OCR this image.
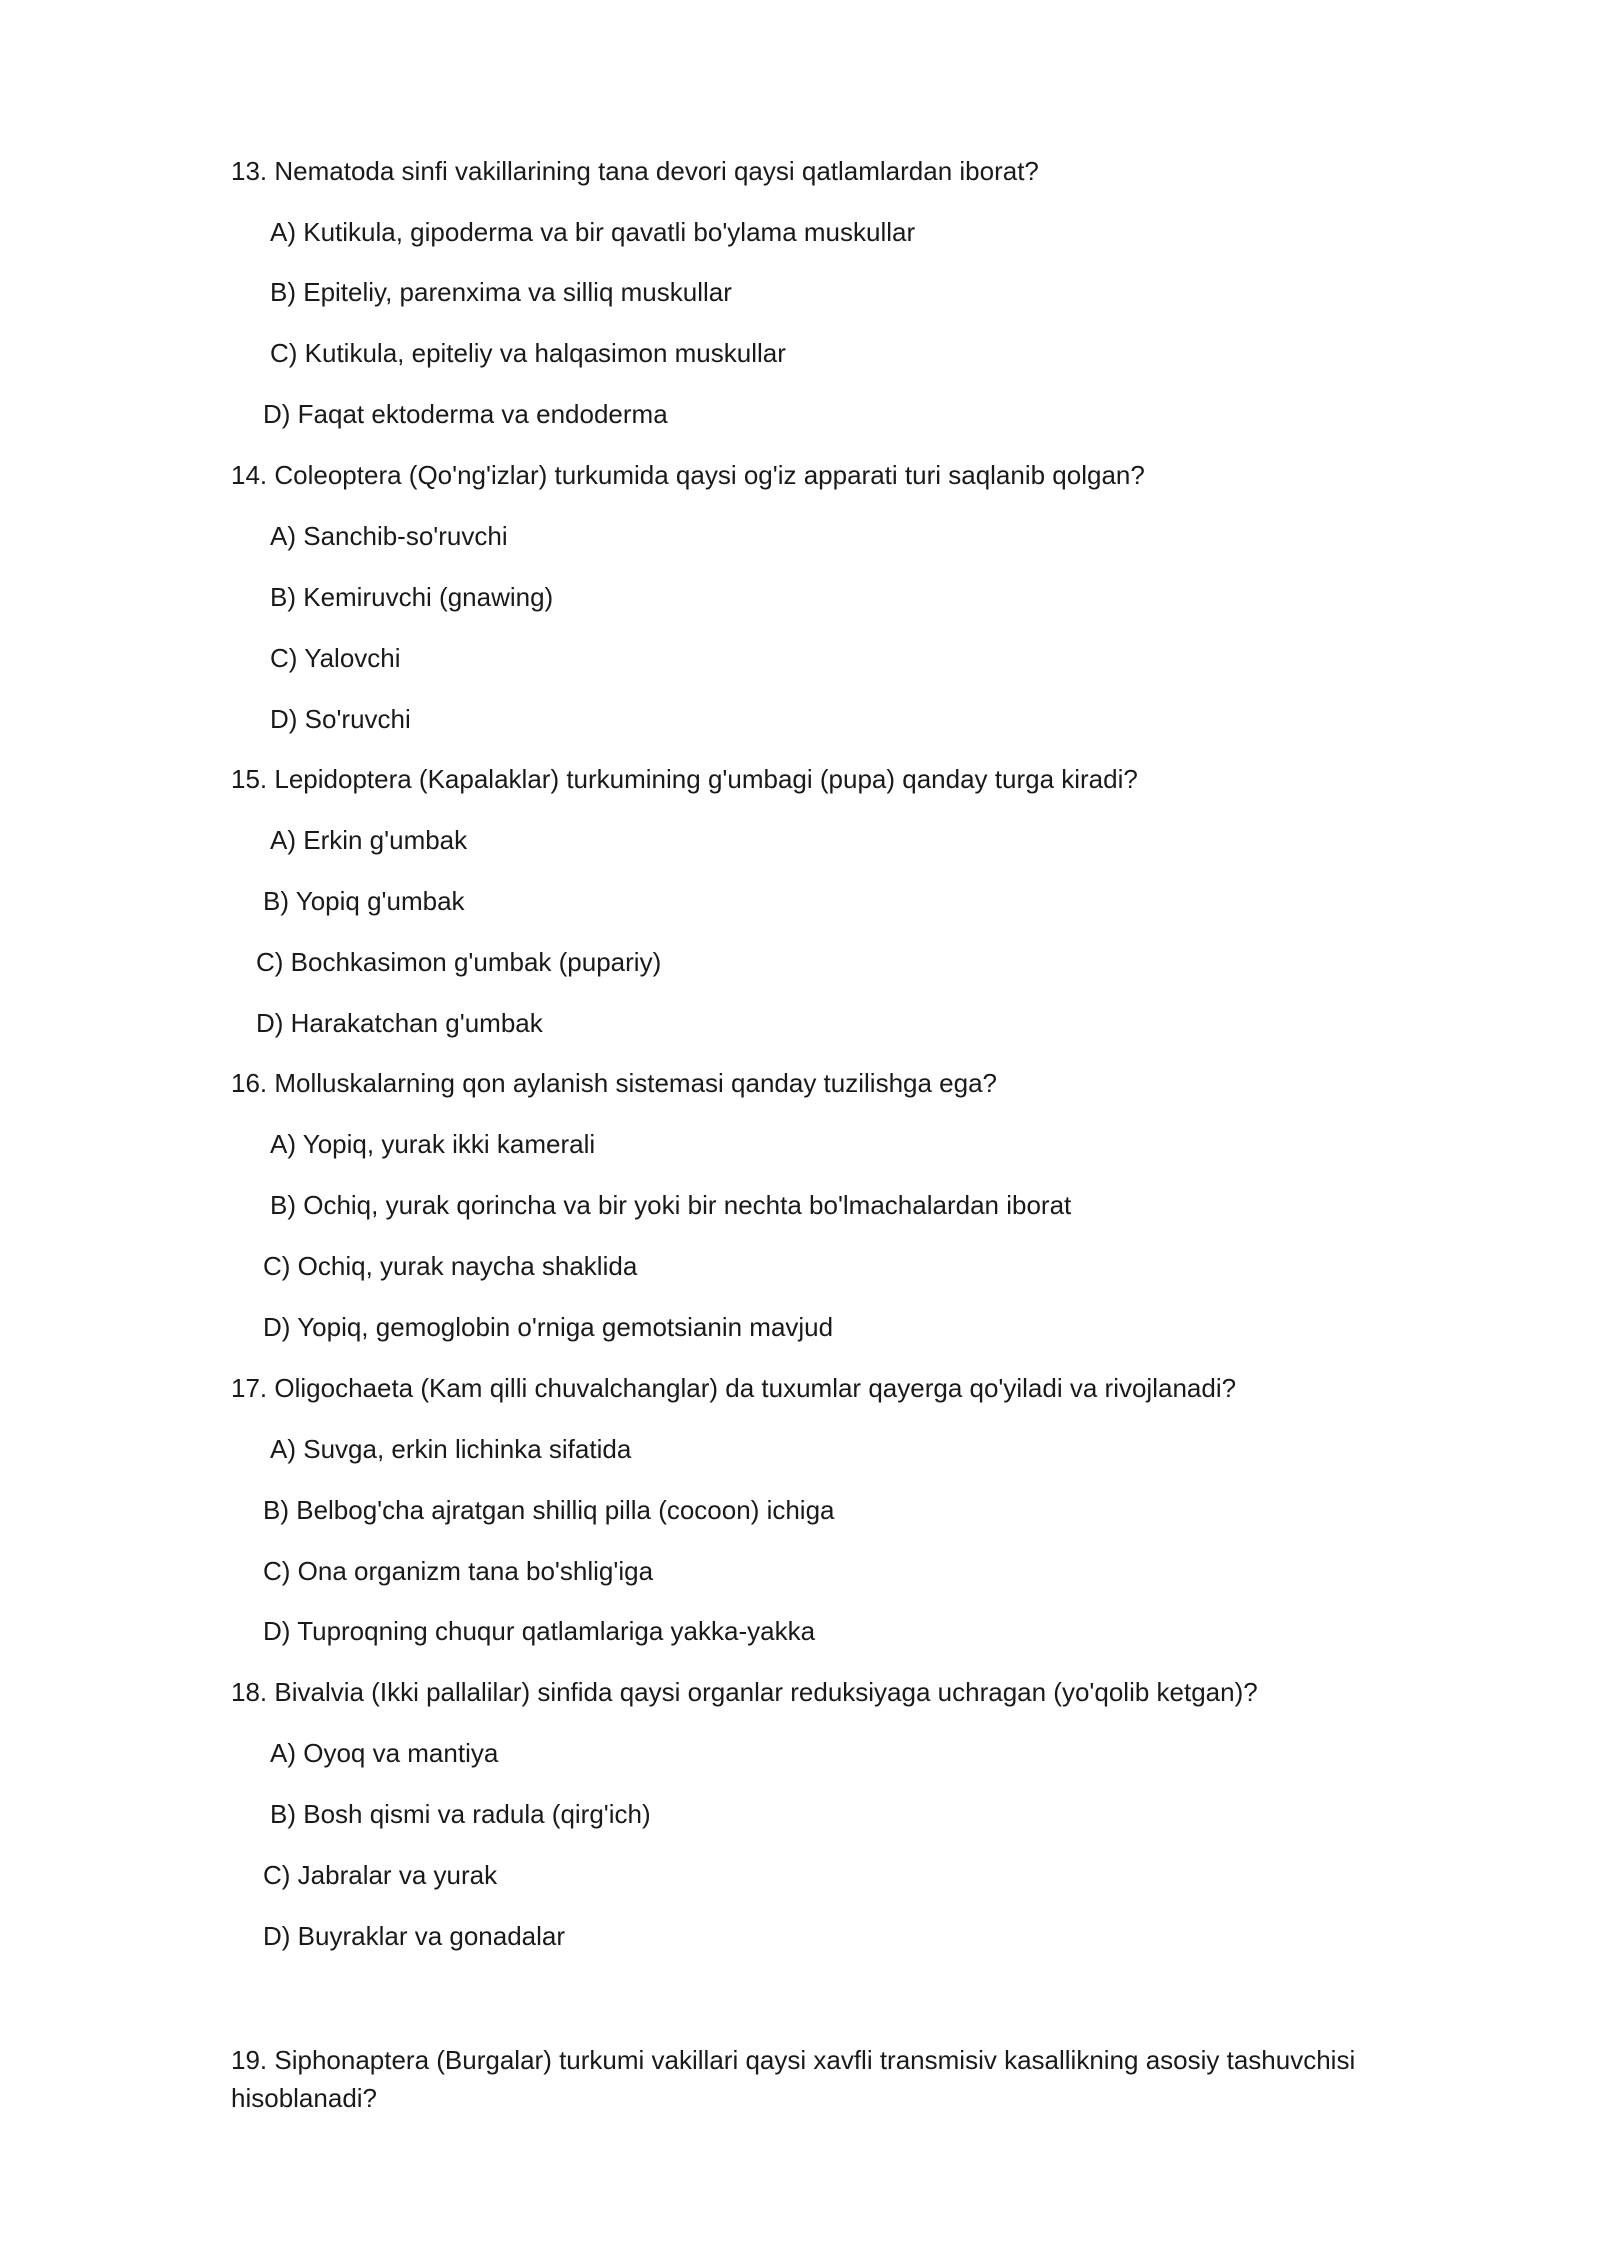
13. Nematoda sinfi vakillarining tana devori qaysi qatlamlardan iborat?
A) Kutikula, gipoderma va bir qavatli bo'ylama muskullar
B) Epiteliy, parenxima va silliq muskullar
C) Kutikula, epiteliy va halqasimon muskullar
D) Faqat ektoderma va endoderma
14. Coleoptera (Qo'ng'izlar) turkumida qaysi og'iz apparati turi saqlanib qolgan?
A) Sanchib-so'ruvchi
B) Kemiruvchi (gnawing)
C) Yalovchi
D) So'ruvchi
15. Lepidoptera (Kapalaklar) turkumining g'umbagi (pupa) qanday turga kiradi?
A) Erkin g'umbak
B) Yopiq g'umbak
C) Bochkasimon g'umbak (pupariy)
D) Harakatchan g'umbak
16. Molluskalarning qon aylanish sistemasi qanday tuzilishga ega?
A) Yopiq, yurak ikki kamerali
B) Ochiq, yurak qorincha va bir yoki bir nechta bo'lmachalardan iborat
C) Ochiq, yurak naycha shaklida
D) Yopiq, gemoglobin o'rniga gemotsianin mavjud
17. Oligochaeta (Kam qilli chuvalchanglar) da tuxumlar qayerga qo'yiladi va rivojlanadi?
A) Suvga, erkin lichinka sifatida
B) Belbog'cha ajratgan shilliq pilla (cocoon) ichiga
C) Ona organizm tana bo'shlig'iga
D) Tuproqning chuqur qatlamlariga yakka-yakka
18. Bivalvia (Ikki pallalilar) sinfida qaysi organlar reduksiyaga uchragan (yo'qolib ketgan)?
A) Oyoq va mantiya
B) Bosh qismi va radula (qirg'ich)
C) Jabralar va yurak
D) Buyraklar va gonadalar
19. Siphonaptera (Burgalar) turkumi vakillari qaysi xavfli transmisiv kasallikning asosiy tashuvchisi hisoblanadi?
